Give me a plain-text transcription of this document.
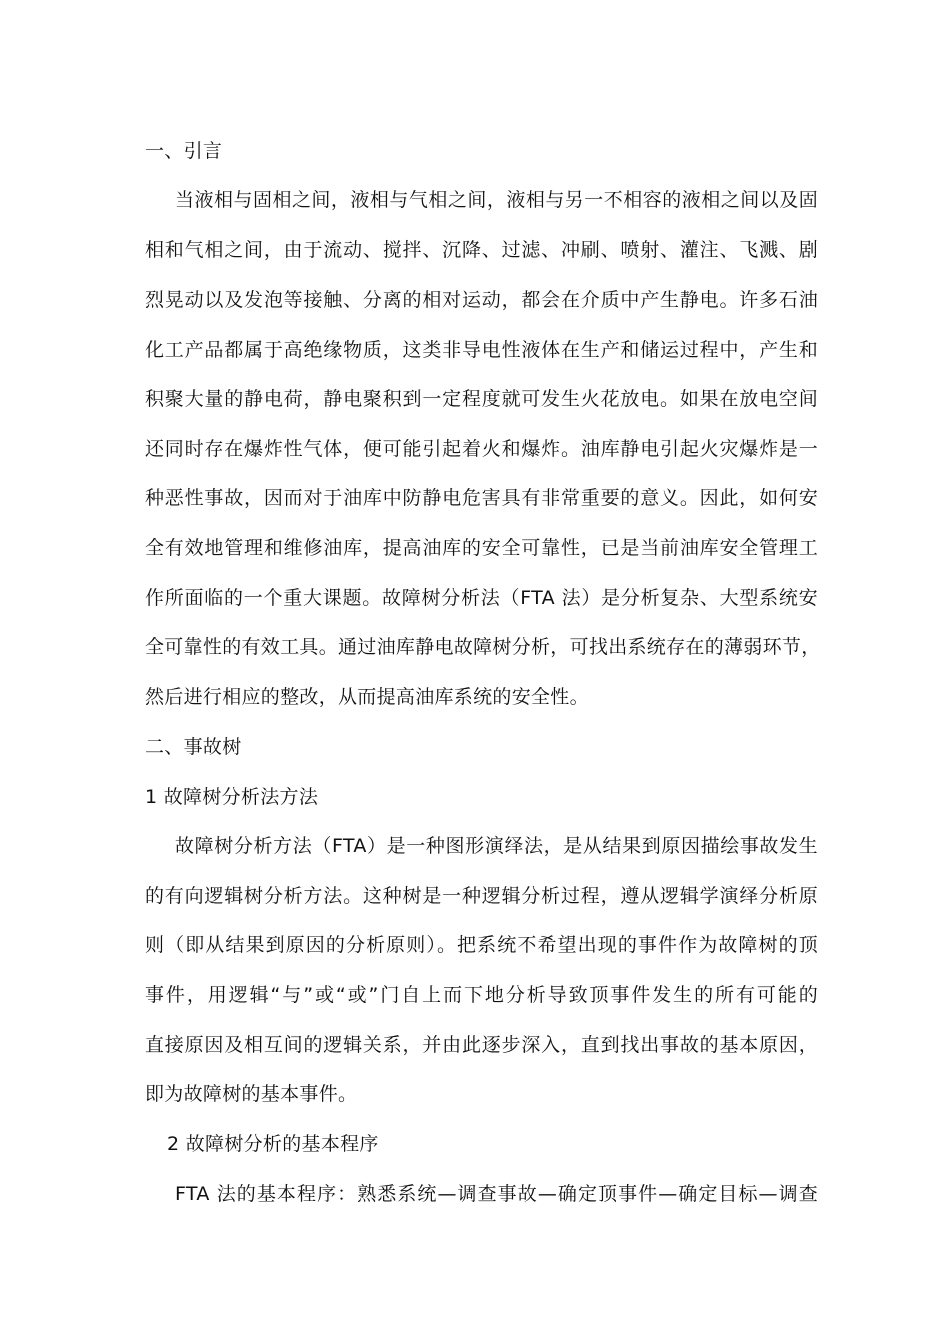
一、引言
当液相与固相之间，液相与气相之间，液相与另一不相容的液相之间以及固
相和气相之间，由于流动、搅拌、沉降、过滤、冲刷、喷射、灌注、飞溅、剧
烈晃动以及发泡等接触、分离的相对运动，都会在介质中产生静电。许多石油
化工产品都属于高绝缘物质，这类非导电性液体在生产和储运过程中，产生和
积聚大量的静电荷，静电聚积到一定程度就可发生火花放电。如果在放电空间
还同时存在爆炸性气体，便可能引起着火和爆炸。油库静电引起火灾爆炸是一
种恶性事故，因而对于油库中防静电危害具有非常重要的意义。因此，如何安
全有效地管理和维修油库，提高油库的安全可靠性，已是当前油库安全管理工
作所面临的一个重大课题。故障树分析法（FTA 法）是分析复杂、大型系统安
全可靠性的有效工具。通过油库静电故障树分析，可找出系统存在的薄弱环节，
然后进行相应的整改，从而提高油库系统的安全性。
二、事故树
1 故障树分析法方法
故障树分析方法（FTA）是一种图形演绎法，是从结果到原因描绘事故发生
的有向逻辑树分析方法。这种树是一种逻辑分析过程，遵从逻辑学演绎分析原
则（即从结果到原因的分析原则）。把系统不希望出现的事件作为故障树的顶
事件，用逻辑“与”或“或”门自上而下地分析导致顶事件发生的所有可能的
直接原因及相互间的逻辑关系，并由此逐步深入，直到找出事故的基本原因，
即为故障树的基本事件。
2 故障树分析的基本程序
FTA 法的基本程序：熟悉系统—调查事故—确定顶事件—确定目标—调查
